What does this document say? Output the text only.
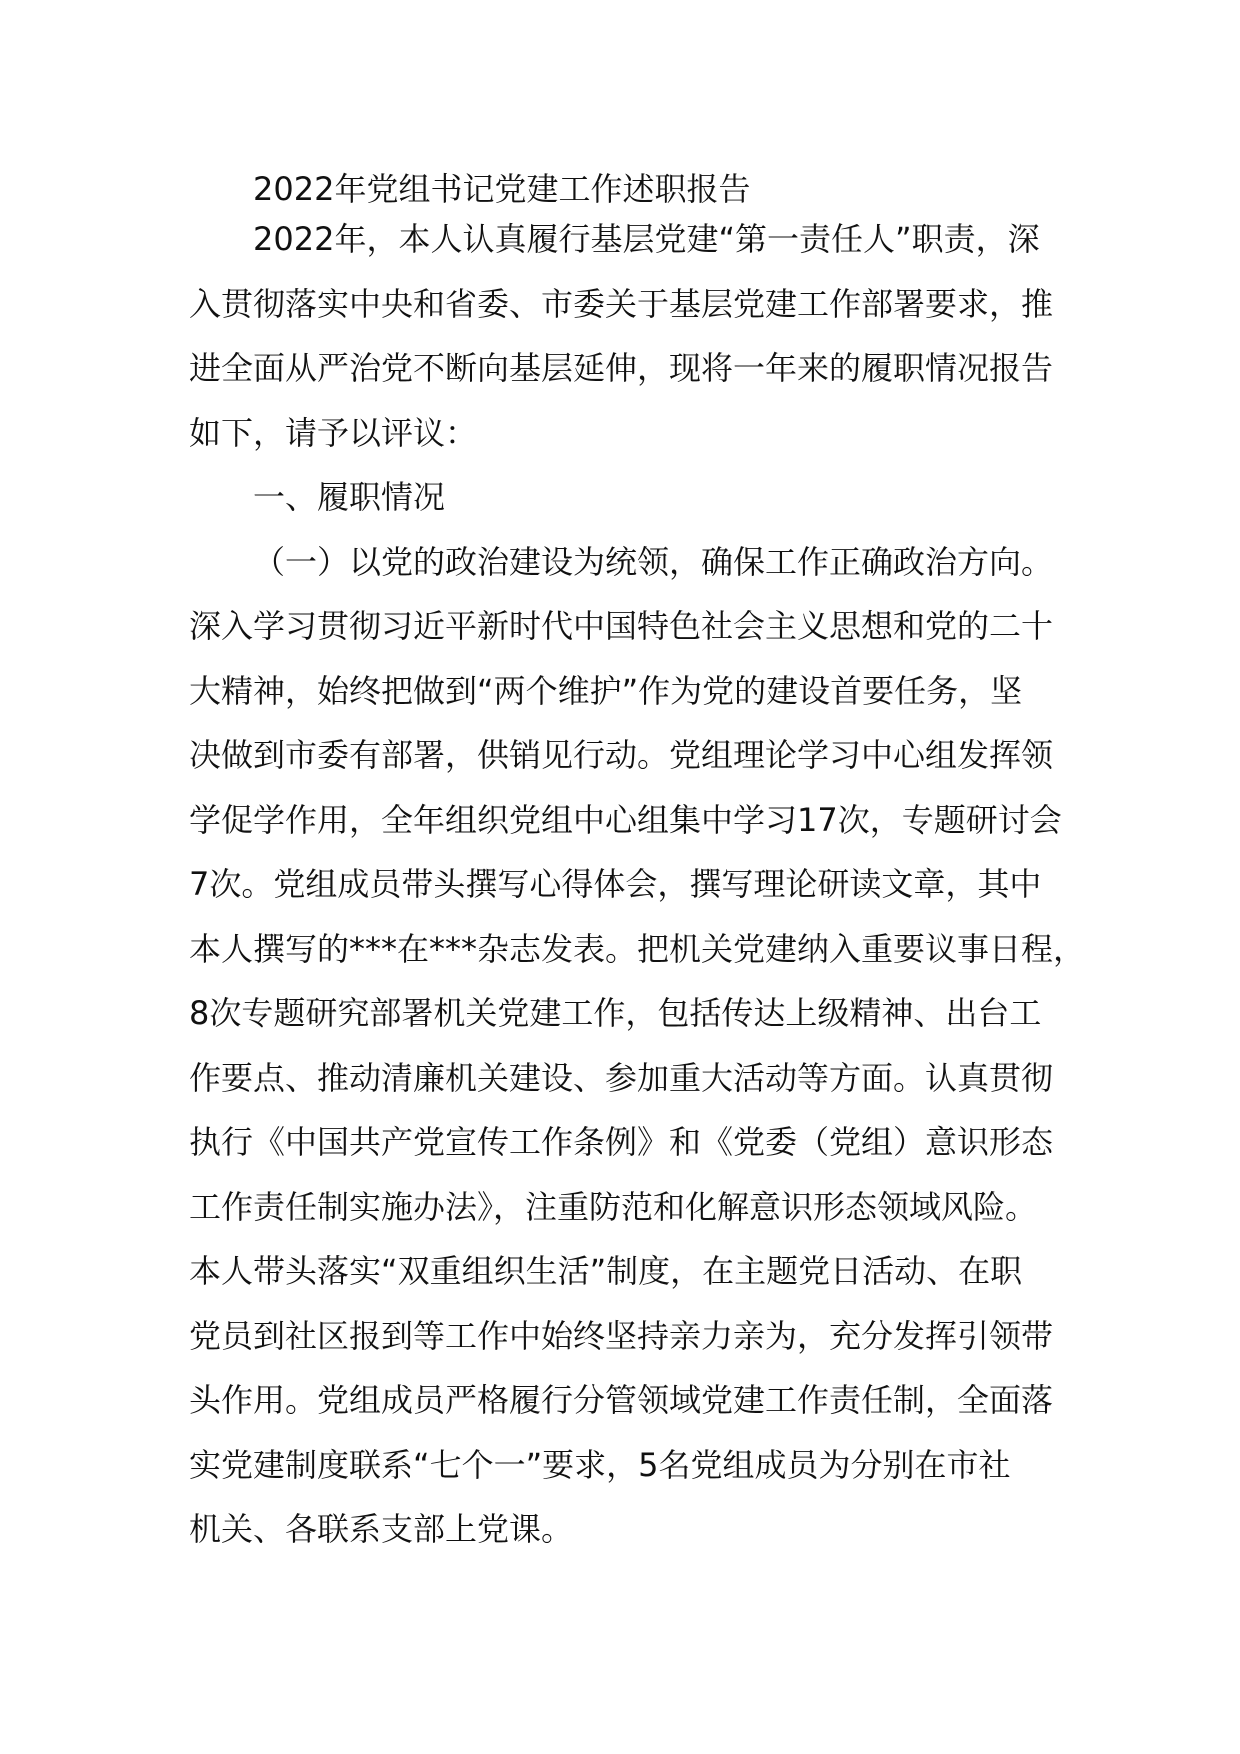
2022年党组书记党建工作述职报告
2022年，本人认真履行基层党建“第一责任人”职责，深
入贯彻落实中央和省委、市委关于基层党建工作部署要求，推
进全面从严治党不断向基层延伸，现将一年来的履职情况报告
如下，请予以评议：
一、履职情况
（一）以党的政治建设为统领，确保工作正确政治方向。
深入学习贯彻习近平新时代中国特色社会主义思想和党的二十
大精神，始终把做到“两个维护”作为党的建设首要任务，坚
决做到市委有部署，供销见行动。党组理论学习中心组发挥领
学促学作用，全年组织党组中心组集中学习17次，专题研讨会
7次。党组成员带头撰写心得体会，撰写理论研读文章，其中
本人撰写的***在***杂志发表。把机关党建纳入重要议事日程，
8次专题研究部署机关党建工作，包括传达上级精神、出台工
作要点、推动清廉机关建设、参加重大活动等方面。认真贯彻
执行《中国共产党宣传工作条例》和《党委（党组）意识形态
工作责任制实施办法》，注重防范和化解意识形态领域风险。
本人带头落实“双重组织生活”制度，在主题党日活动、在职
党员到社区报到等工作中始终坚持亲力亲为，充分发挥引领带
头作用。党组成员严格履行分管领域党建工作责任制，全面落
实党建制度联系“七个一”要求，5名党组成员为分别在市社
机关、各联系支部上党课。
